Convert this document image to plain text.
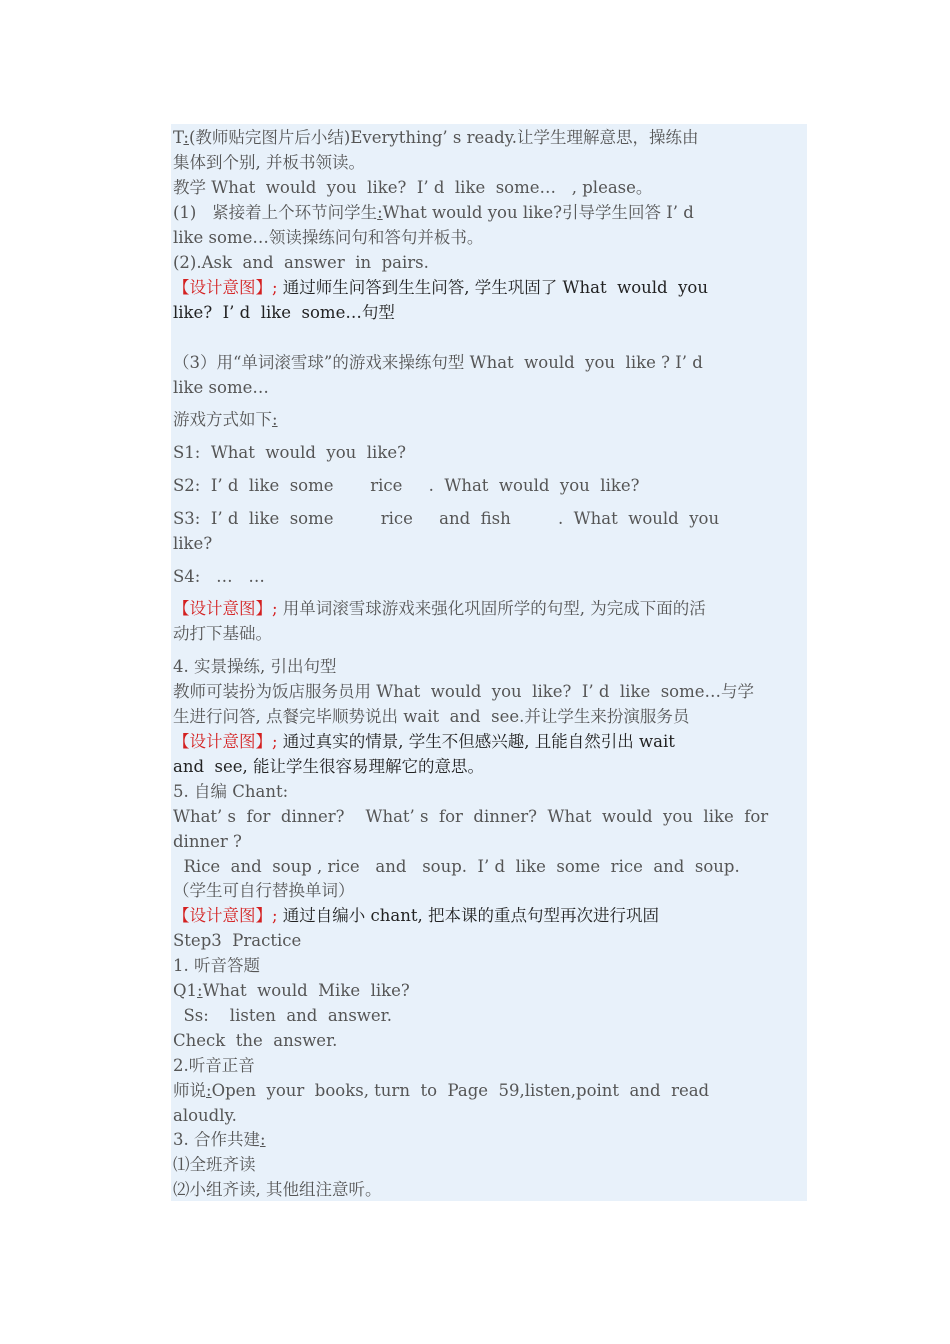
T:(教师贴完图片后小结)Everything’ s ready.让学生理解意思，操练由
集体到个别, 并板书领读。
教学 What  would  you  like?  I’ d  like  some…   , please。
(1)   紧接着上个环节问学生:What would you like?引导学生回答 I’ d
like some…领读操练问句和答句并板书。
(2).Ask  and  answer  in  pairs.
【设计意图】; 通过师生问答到生生问答, 学生巩固了 What  would  you
like?  I’ d  like  some…句型
（3）用“单词滚雪球”的游戏来操练句型 What  would  you  like ? I’ d
like some…
游戏方式如下:
S1:  What  would  you  like?
S2:  I’ d  like  some       rice     .  What  would  you  like?
S3:  I’ d  like  some         rice     and  fish         .  What  would  you
like?
S4:   …   …
【设计意图】; 用单词滚雪球游戏来强化巩固所学的句型, 为完成下面的活
动打下基础。
4. 实景操练, 引出句型
教师可装扮为饭店服务员用 What  would  you  like?  I’ d  like  some…与学
生进行问答, 点餐完毕顺势说出 wait  and  see.并让学生来扮演服务员
【设计意图】; 通过真实的情景, 学生不但感兴趣, 且能自然引出 wait
and  see, 能让学生很容易理解它的意思。
5. 自编 Chant:
What’ s  for  dinner?    What’ s  for  dinner?  What  would  you  like  for
dinner ?
Rice  and  soup , rice   and   soup.  I’ d  like  some  rice  and  soup.
（学生可自行替换单词）
【设计意图】; 通过自编小 chant, 把本课的重点句型再次进行巩固
Step3  Practice
1. 听音答题
Q1:What  would  Mike  like?
Ss:    listen  and  answer.
Check  the  answer.
2.听音正音
师说:Open  your  books, turn  to  Page  59,listen,point  and  read
aloudly.
3. 合作共建:
⑴全班齐读
⑵小组齐读, 其他组注意听。
